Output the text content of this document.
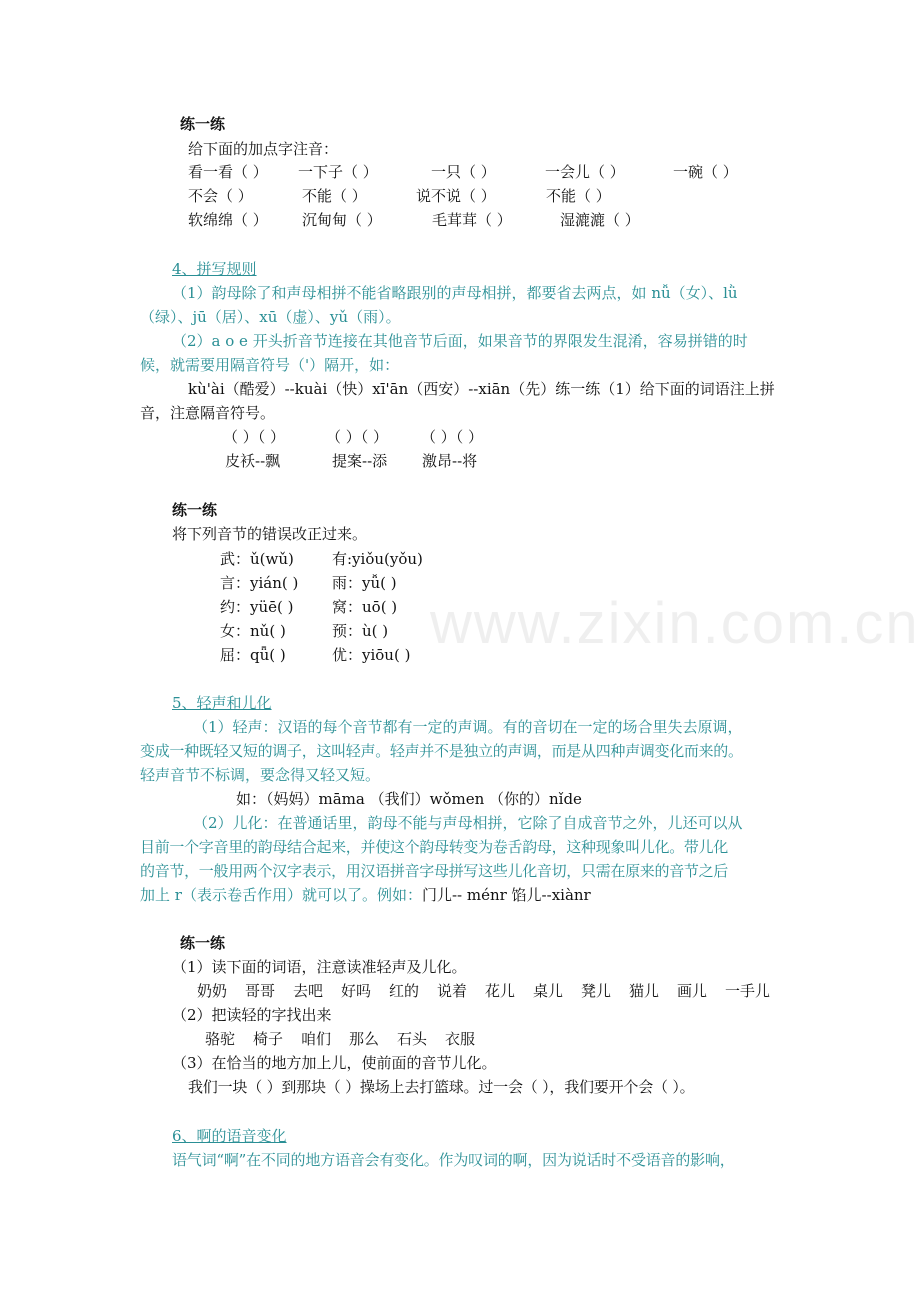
www.zixin.com.cn
练一练
给下面的加点字注音：
看一看（ ） 一下子（ ）	一只（ ）	一会儿（ ）	一碗（ ）
不会（ ）	不能（ ）	说不说（ ）	不能（ ）
软绵绵（ ） 沉甸甸（ ）	毛茸茸（ ）	湿漉漉（ ）
4、拼写规则
（1）韵母除了和声母相拼不能省略跟别的声母相拼，都要省去两点，如 nǚ（女）、lǜ
（绿）、jū（居）、xū（虚）、yǔ（雨）。
（2）a o e 开头折音节连接在其他音节后面，如果音节的界限发生混淆，容易拼错的时
候，就需要用隔音符号（'）隔开，如：
kù'ài（酷爱）--kuài（快）xī'ān（西安）--xiān（先）练一练（1）给下面的词语注上拼
音，注意隔音符号。
（ ）（ ）	（ ）（ ） （ ）（ ）
皮袄--飘	提案--添 激昂--将
练一练
将下列音节的错误改正过来。
武：ǔ(wǔ)	有:yiǒu(yǒu)
言：yián( ) 雨：yǚ( )
约：yüē( )	窝：uō( )
女：nǔ( )	预：ù( )
屈：qǖ( )	优：yiōu( )
5、轻声和儿化
（1）轻声：汉语的每个音节都有一定的声调。有的音切在一定的场合里失去原调，
变成一种既轻又短的调子，这叫轻声。轻声并不是独立的声调，而是从四种声调变化而来的。
轻声音节不标调，要念得又轻又短。
如：（妈妈）māma （我们）wǒmen （你的）nǐde
（2）儿化：在普通话里，韵母不能与声母相拼，它除了自成音节之外，儿还可以从
目前一个字音里的韵母结合起来，并使这个韵母转变为卷舌韵母，这种现象叫儿化。带儿化
的音节，一般用两个汉字表示，用汉语拼音字母拼写这些儿化音切，只需在原来的音节之后
加上 r（表示卷舌作用）就可以了。例如：门儿-- ménr 馅儿--xiànr
练一练
（1）读下面的词语，注意读准轻声及儿化。
奶奶 哥哥 去吧 好吗 红的 说着 花儿 桌儿 凳儿 猫儿 画儿 一手儿
（2）把读轻的字找出来
骆驼 椅子 咱们 那么 石头 衣服
（3）在恰当的地方加上儿，使前面的音节儿化。
我们一块（ ）到那块（ ）操场上去打篮球。过一会（ ），我们要开个会（ ）。
6、啊的语音变化
语气词“啊”在不同的地方语音会有变化。作为叹词的啊，因为说话时不受语音的影响，
